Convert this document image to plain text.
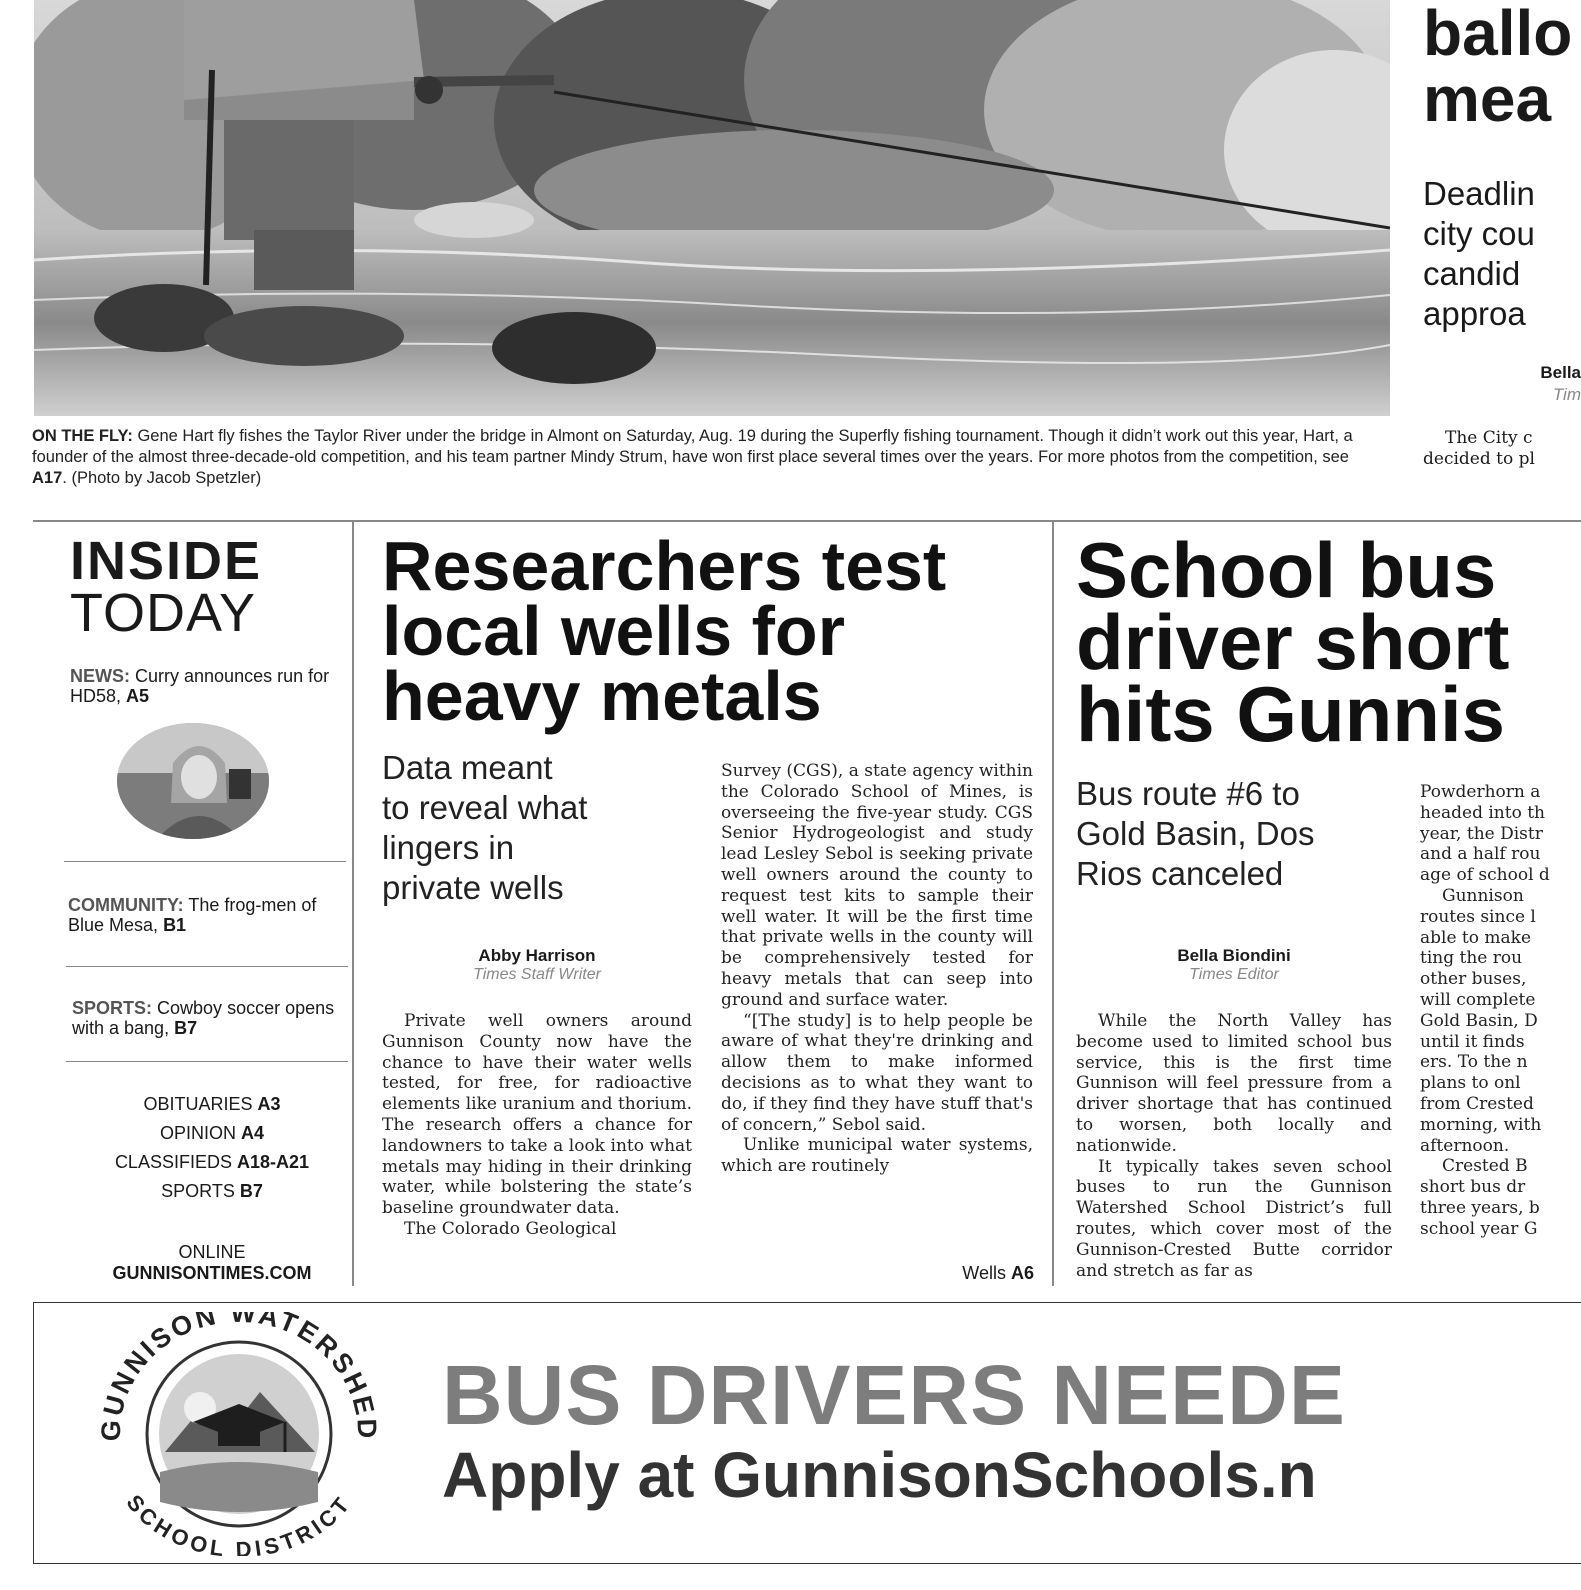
ON THE FLY: Gene Hart fly fishes the Taylor River under the bridge in Almont on Saturday, Aug. 19 during the Superfly fishing tournament. Though it didn’t work out this year, Hart, a founder of the almost three-decade-old competition, and his team partner Mindy Strum, have won first place several times over the years. For more photos from the competition, see A17. (Photo by Jacob Spetzler)
ballo
mea
Deadlin
city cou
candid
approa
Bella
Tim
The City c
decided to pl
INSIDE
TODAY
NEWS: Curry announces run for HD58, A5
COMMUNITY: The frog-men of Blue Mesa, B1
SPORTS: Cowboy soccer opens with a bang, B7
OBITUARIES A3
OPINION A4
CLASSIFIEDS A18-A21
SPORTS B7
ONLINE
GUNNISONTIMES.COM
Researchers test
local wells for
heavy metals
Data meant
to reveal what
lingers in
private wells
Abby Harrison
Times Staff Writer

Private well owners around Gunnison County now have the chance to have their water wells tested, for free, for radioactive elements like uranium and thorium. The research offers a chance for landowners to take a look into what metals may hiding in their drinking water, while bolstering the state’s baseline groundwater data.

The Colorado Geological

Survey (CGS), a state agency within the Colorado School of Mines, is overseeing the five-year study. CGS Senior Hydrogeologist and study lead Lesley Sebol is seeking private well owners around the county to request test kits to sample their well water. It will be the first time that private wells in the county will be comprehensively tested for heavy metals that can seep into ground and surface water.

“[The study] is to help people be aware of what they're drinking and allow them to make informed decisions as to what they want to do, if they find they have stuff that's of concern,” Sebol said.

Unlike municipal water systems, which are routinely

Wells A6
School bus
driver short
hits Gunnis
Bus route #6 to
Gold Basin, Dos
Rios canceled
Bella Biondini
Times Editor

While the North Valley has become used to limited school bus service, this is the first time Gunnison will feel pressure from a driver shortage that has continued to worsen, both locally and nationwide.

It typically takes seven school buses to run the Gunnison Watershed School District’s full routes, which cover most of the Gunnison-Crested Butte corridor and stretch as far as

Powderhorn a
headed into th
year, the Distr
and a half rou
age of school d
Gunnison
routes since l
able to make
ting the rou
other buses,
will complete
Gold Basin, D
until it finds
ers. To the n
plans to onl
from Crested
morning, with
afternoon.
Crested B
short bus dr
three years, b
school year G
GUNNISON WATERSHED
SCHOOL DISTRICT
BUS DRIVERS NEEDE
Apply at GunnisonSchools.n
